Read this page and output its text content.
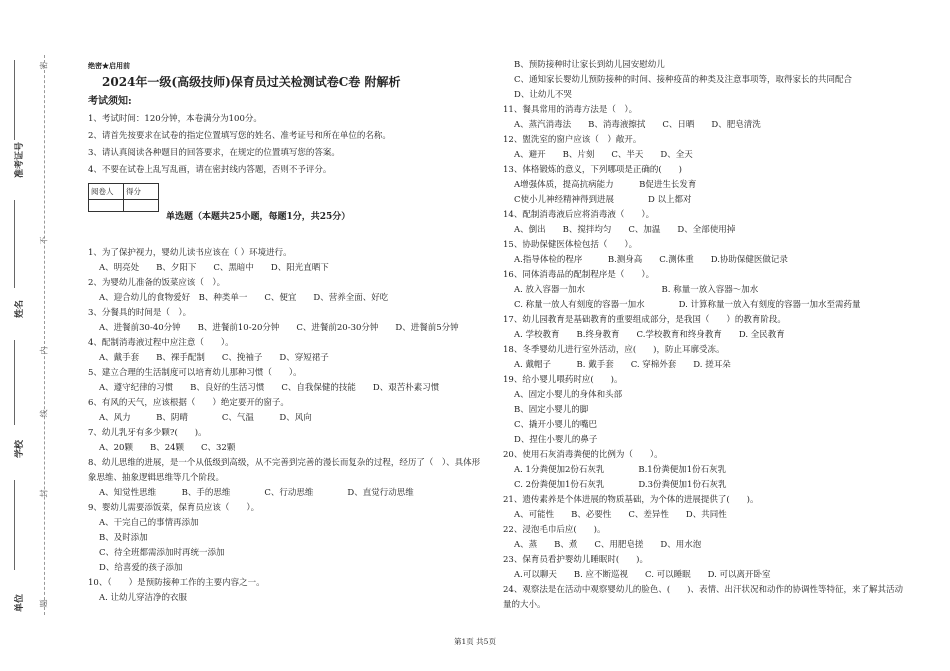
准考证号
姓名
学校
单位
密
不
内
线
封
题
绝密★启用前
2024年一级(高级技师)保育员过关检测试卷C卷 附解析
考试须知:
1、考试时间：120分钟，本卷满分为100分。
2、请首先按要求在试卷的指定位置填写您的姓名、准考证号和所在单位的名称。
3、请认真阅读各种题目的回答要求，在规定的位置填写您的答案。
4、不要在试卷上乱写乱画，请在密封线内答题，否则不予评分。
阅卷人	得分

单选题（本题共25小题，每题1分，共25分）
1、为了保护视力，婴幼儿读书应该在（ ）环境进行。
A、明亮处　　B、夕阳下　　C、黑暗中　　D、阳光直晒下
2、为婴幼儿准备的饭菜应该（　）。
A、迎合幼儿的食物爱好　B、种类单一　　C、便宜　　D、营养全面、好吃
3、分餐具的时间是（　）。
A、进餐前30-40分钟　　B、进餐前10-20分钟　　C、进餐前20-30分钟　　D、进餐前5分钟
4、配制消毒液过程中应注意（　　）。
A、戴手套　　B、裸手配制　　C、挽袖子　　D、穿短裙子
5、建立合理的生活制度可以培育幼儿那种习惯（　　）。
A、遵守纪律的习惯　　B、良好的生活习惯　　C、自我保健的技能　　D、艰苦朴素习惯
6、有风的天气，应该根据（　　）绝定要开的窗子。
A、风力　　　B、阴晴　　　　C、气温　　　D、风向
7、幼儿乳牙有多少颗?(　　)。
A、20颗　　B、24颗　　C、32颗
8、幼儿思维的进展，是一个从低级到高级，从不完善到完善的漫长而复杂的过程，经历了（　）、具体形象思维、抽象逻辑思维等几个阶段。
A、知觉性思维　　　B、手的思维　　　　C、行动思维　　　　D、直觉行动思维
9、婴幼儿需要添饭菜，保育员应该（　　）。
A、干完自己的事情再添加
B、及时添加
C、待全班都需添加时再统一添加
D、给喜爱的孩子添加
10、（　　）是预防接种工作的主要内容之一。
A. 让幼儿穿洁净的衣服
B、预防接种时让家长到幼儿园安慰幼儿
C、通知家长婴幼儿预防接种的时间、接种疫苗的种类及注意事项等，取得家长的共同配合
D、让幼儿不哭
11、餐具常用的消毒方法是（　）。
A、蒸汽消毒法　　B、消毒液擦拭　　C、日晒　　D、肥皂清洗
12、盥洗室的窗户应该（　）敞开。
A、避开　　B、片刻　　C、半天　　D、全天
13、体格锻炼的意义，下列哪项是正确的(　　)
A增强体质，提高抗病能力　　　B促进生长发育
C使小儿神经精神得到进展　　　　D 以上都对
14、配制消毒液后应将消毒液（　　）。
A、倒出　　B、搅拌均匀　　C、加温　　D、全部使用掉
15、协助保健医体检包括（　　）。
A.指导体检的程序　　　B.测身高　　C.测体重　　D.协助保健医做记录
16、同体消毒品的配制程序是（　　）。
A. 放入容器一加水　　　　　　　　　B. 称量一放入容器～加水
C. 称量一放人有刻度的容器一加水　　　　D. 计算称量一放入有刻度的容器一加水至需药量
17、幼儿园教育是基础教育的重要组成部分，是我国（　　）的教育阶段。
A. 学校教育　　B.终身教育　　C.学校教育和终身教育　　D. 全民教育
18、冬季婴幼儿进行室外活动，应(　　)，防止耳廓受冻。
A. 戴帽子　　　B. 戴手套　　C. 穿棉外套　　D. 搓耳朵
19、给小婴儿喂药时应(　　)。
A、固定小婴儿的身体和头部
B、固定小婴儿的脚
C、撬开小婴儿的嘴巴
D、捏住小婴儿的鼻子
20、使用石灰消毒粪便的比例为（　　）。
A. 1分粪便加2份石灰乳　　　　B.1份粪便加1份石灰乳
C. 2份粪便加1份石灰乳　　　　D.3份粪便加1份石灰乳
21、遗传素养是个体进展的物质基础，为个体的进展提供了(　　)。
A、可能性　　B、必要性　　C、差异性　　D、共同性
22、浸泡毛巾后应(　　)。
A、蒸　　B、煮　　C、用肥皂搓　　D、用水泡
23、保育员看护婴幼儿睡眠时(　　)。
A.可以聊天　　B. 应不断巡视　　C. 可以睡眠　　D. 可以离开卧室
24、观察法是在活动中观察婴幼儿的脸色、(　　)、表情、出汗状况和动作的协调性等特征，来了解其活动量的大小。
第1页 共5页
